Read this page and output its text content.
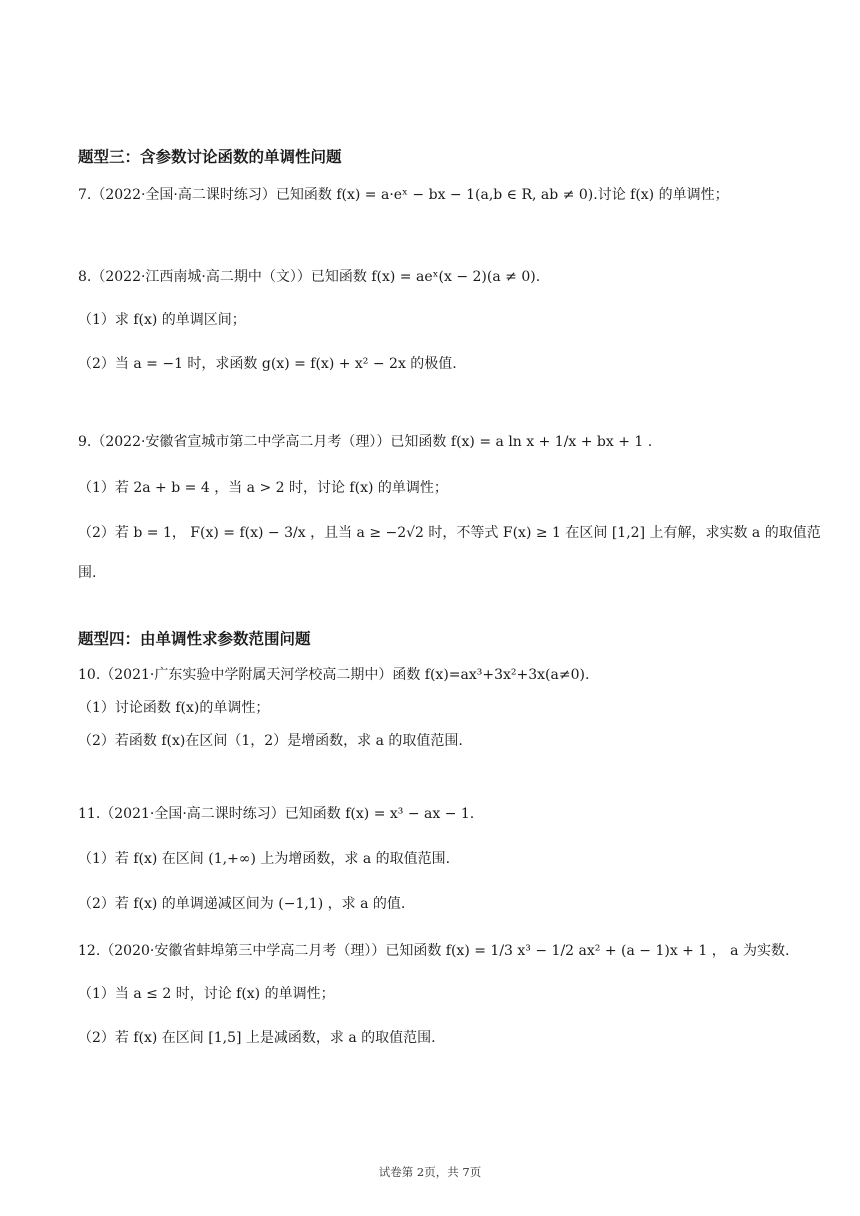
题型三：含参数讨论函数的单调性问题
7.（2022·全国·高二课时练习）已知函数 f(x) = a·eˣ − bx − 1(a,b ∈ R, ab ≠ 0).讨论 f(x) 的单调性；
8.（2022·江西南城·高二期中（文））已知函数 f(x) = aeˣ(x − 2)(a ≠ 0).
（1）求 f(x) 的单调区间；
（2）当 a = −1 时，求函数 g(x) = f(x) + x² − 2x 的极值.
9.（2022·安徽省宣城市第二中学高二月考（理））已知函数 f(x) = a ln x + 1/x + bx + 1 .
（1）若 2a + b = 4 ，当 a > 2 时，讨论 f(x) 的单调性；
（2）若 b = 1， F(x) = f(x) − 3/x ，且当 a ≥ −2√2 时，不等式 F(x) ≥ 1 在区间 [1,2] 上有解，求实数 a 的取值范
围.
题型四：由单调性求参数范围问题
10.（2021·广东实验中学附属天河学校高二期中）函数 f(x)=ax³+3x²+3x(a≠0).
（1）讨论函数 f(x)的单调性；
（2）若函数 f(x)在区间（1，2）是增函数，求 a 的取值范围.
11.（2021·全国·高二课时练习）已知函数 f(x) = x³ − ax − 1.
（1）若 f(x) 在区间 (1,+∞) 上为增函数，求 a 的取值范围.
（2）若 f(x) 的单调递减区间为 (−1,1) ，求 a 的值.
12.（2020·安徽省蚌埠第三中学高二月考（理））已知函数 f(x) = 1/3 x³ − 1/2 ax² + (a − 1)x + 1 ， a 为实数.
（1）当 a ≤ 2 时，讨论 f(x) 的单调性；
（2）若 f(x) 在区间 [1,5] 上是减函数，求 a 的取值范围.
试卷第 2页，共 7页
